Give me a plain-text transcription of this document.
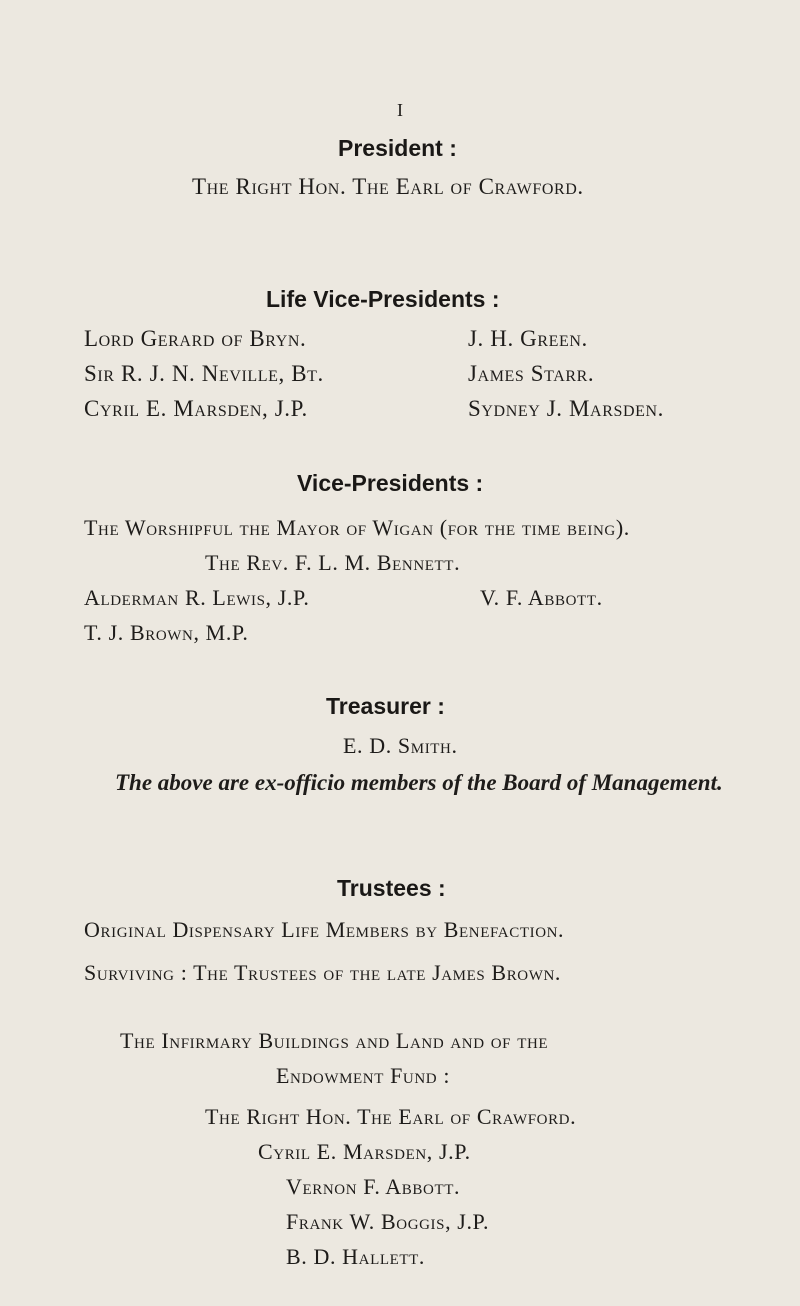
I
President :
The Right Hon. The Earl of Crawford.
Life Vice-Presidents :
Lord Gerard of Bryn.
Sir R. J. N. Neville, Bt.
Cyril E. Marsden, J.P.
J. H. Green.
James Starr.
Sydney J. Marsden.
Vice-Presidents :
The Worshipful the Mayor of Wigan (for the time being).
The Rev. F. L. M. Bennett.
Alderman R. Lewis, J.P.	V. F. Abbott.
T. J. Brown, M.P.
Treasurer :
E. D. Smith.
The above are ex-officio members of the Board of Management.
Trustees :
Original Dispensary Life Members by Benefaction.
Surviving : The Trustees of the late James Brown.
The Infirmary Buildings and Land and of the
Endowment Fund :
The Right Hon. The Earl of Crawford.
Cyril E. Marsden, J.P.
Vernon F. Abbott.
Frank W. Boggis, J.P.
B. D. Hallett.
